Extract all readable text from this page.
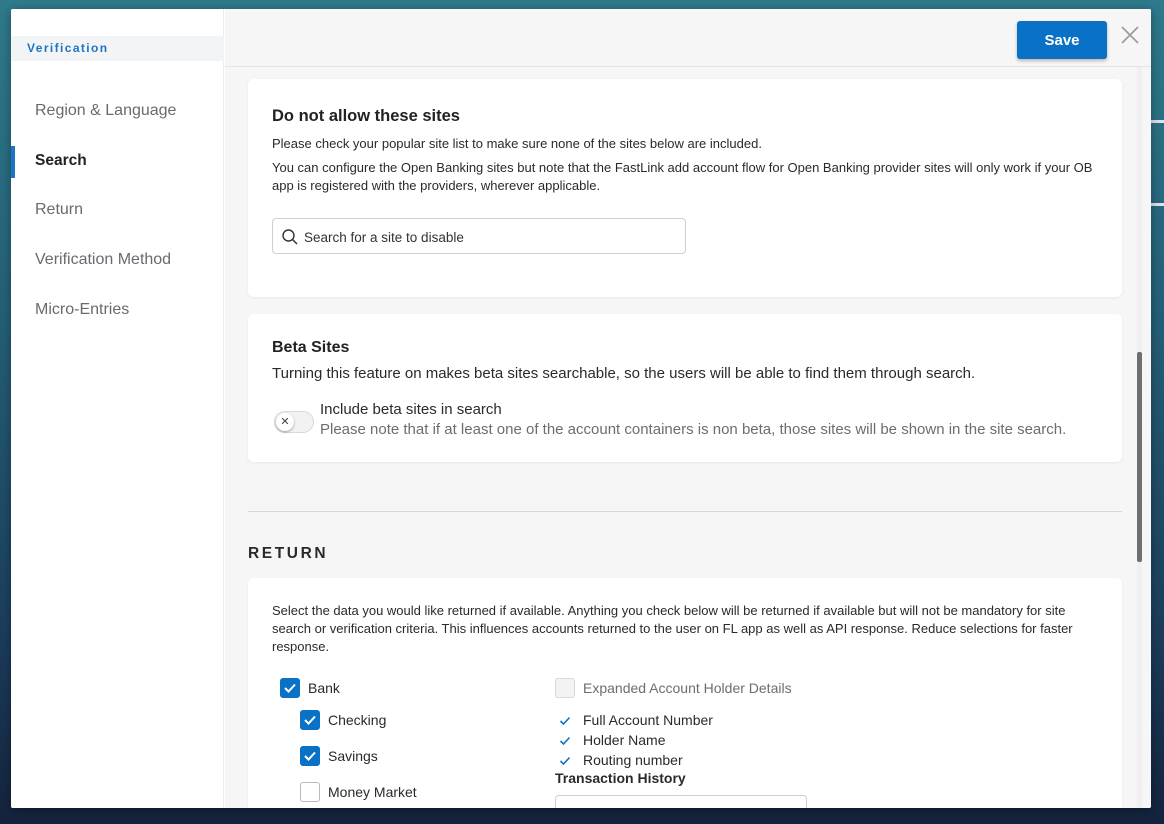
Verification
Region & Language
Search
Return
Verification Method
Micro-Entries
Save
Do not allow these sites
Please check your popular site list to make sure none of the sites below are included.
You can configure the Open Banking sites but note that the FastLink add account flow for Open Banking provider sites will only work if your OB app is registered with the providers, wherever applicable.
Search for a site to disable
Beta Sites
Turning this feature on makes beta sites searchable, so the users will be able to find them through search.
✕
Include beta sites in search
Please note that if at least one of the account containers is non beta, those sites will be shown in the site search.
RETURN
Select the data you would like returned if available. Anything you check below will be returned if available but will not be mandatory for site search or verification criteria. This influences accounts returned to the user on FL app as well as API response. Reduce selections for faster response.
Bank
Checking
Savings
Money Market
Expanded Account Holder Details
Full Account Number
Holder Name
Routing number
Transaction History
